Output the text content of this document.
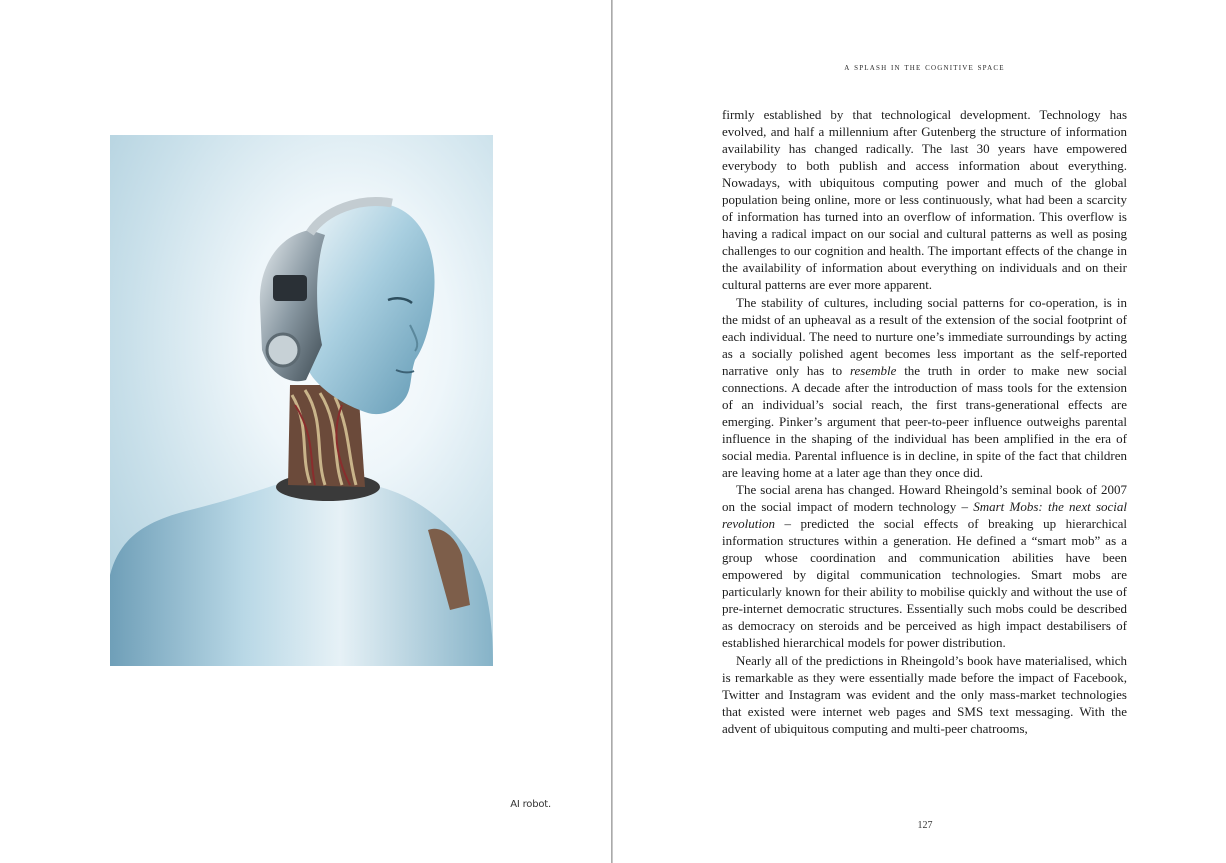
AI robot.
a splash in the cognitive space

firmly established by that technological development. Technology has evolved, and half a millennium after Gutenberg the structure of information availability has changed radically. The last 30 years have empowered everybody to both publish and access information about everything. Nowadays, with ubiquitous computing power and much of the global population being online, more or less continuously, what had been a scarcity of information has turned into an overflow of information. This overflow is having a radical impact on our social and cultural patterns as well as posing challenges to our cognition and health. The important effects of the change in the availability of information about everything on individuals and on their cultural patterns are ever more apparent.

The stability of cultures, including social patterns for co-operation, is in the midst of an upheaval as a result of the extension of the social footprint of each individual. The need to nurture one’s immediate surroundings by acting as a socially polished agent becomes less important as the self-reported narrative only has to resemble the truth in order to make new social connections. A decade after the introduction of mass tools for the extension of an individual’s social reach, the first trans-generational effects are emerging. Pinker’s argument that peer-to-peer influence outweighs parental influence in the shaping of the individual has been amplified in the era of social media. Parental influence is in decline, in spite of the fact that children are leaving home at a later age than they once did.

The social arena has changed. Howard Rheingold’s seminal book of 2007 on the social impact of modern technology – Smart Mobs: the next social revolution – predicted the social effects of breaking up hierarchical information structures within a generation. He defined a “smart mob” as a group whose coordination and communication abilities have been empowered by digital communication technologies. Smart mobs are particularly known for their ability to mobilise quickly and without the use of pre-internet democratic structures. Essentially such mobs could be described as democracy on steroids and be perceived as high impact destabilisers of established hierarchical models for power distribution.

Nearly all of the predictions in Rheingold’s book have materialised, which is remarkable as they were essentially made before the impact of Facebook, Twitter and Instagram was evident and the only mass-market technologies that existed were internet web pages and SMS text messaging. With the advent of ubiquitous computing and multi-peer chatrooms,

127
